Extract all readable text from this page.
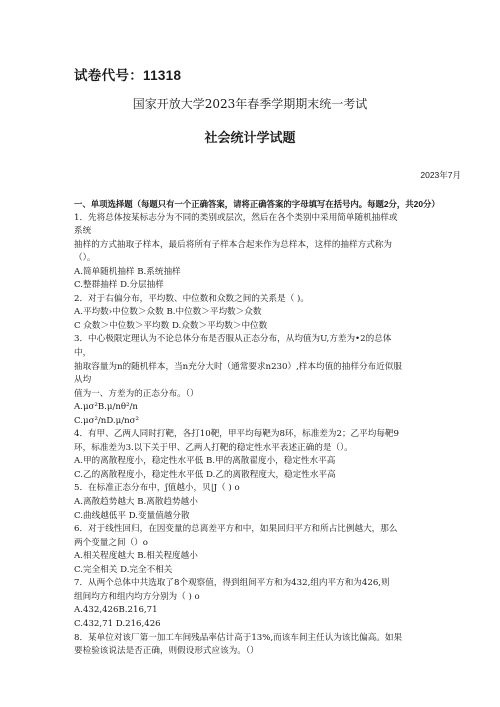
试卷代号：11318
国家开放大学2023年春季学期期末统一考试
社会统计学试题
2023年7月
一、单项选择题（每题只有一个正确答案，请将正确答案的字母填写在括号内。每题2分，共20分）
1．先将总体按某标志分为不同的类别或层次，然后在各个类别中采用简单随机抽样或
系统
抽样的方式抽取子样本，最后将所有子样本合起来作为总样本，这样的抽样方式称为
（）。
A.简单随机抽样 B.系统抽样
C.整群抽样 D.分层抽样
2．对于右偏分布，平均数、中位数和众数之间的关系是（ )。
A.平均数›中位数＞众数 B.中位数＞平均数＞众数
C 众数＞中位数＞平均数 D.众数＞平均数＞中位数
3．中心极限定理认为不论总体分布是否服从正态分布，从均值为U,方差为•2的总体
中，
抽取容量为n的随机样本，当n充分大时（通常要求n230）,样本均值的抽样分布近似服
从均
值为一、方差为的正态分布。（）
A.μσ²B.μ/nθ²/n
C.μσ²/nD.μ/nσ²
4．有甲、乙两人同时打靶，各打10靶，甲平均每靶为8环，标准差为2；乙平均每靶9
环，标准差为3.以下关于甲、乙两人打靶的稳定性水平表述正确的是（）。
A.甲的离散程度小，稳定性水平低 B.甲的离散翟度小，稳定性水平高
C.乙的离散程度小，稳定性水平低 D.乙的离散程度大，稳定性水平高
5．在标准正态分布中，ʃ值越小，贝|J（ ) o
A.离散趋势越大 B.离散趋势越小
C.曲线越低平 D.变量值越分散
6．对于线性回归，在因变量的总离差平方和中，如果回归平方和所占比例越大，那么
两个变量之间（）o
A.相关程度越大 B.相关程度越小
C.完全相关 D.完全不相关
7．从两个总体中共选取了8个观察值，得到组间平方和为432,组内平方和为426,则
组间均方和组内均方分别为（ ) o
A.432,426B.216,71
C.432,71 D.216,426
8．某单位对该厂第一加工车间残品率估计高于13%,而该车间主任认为该比偏高。如果
要检验该说法是否正确，则假设形式应该为。（）
